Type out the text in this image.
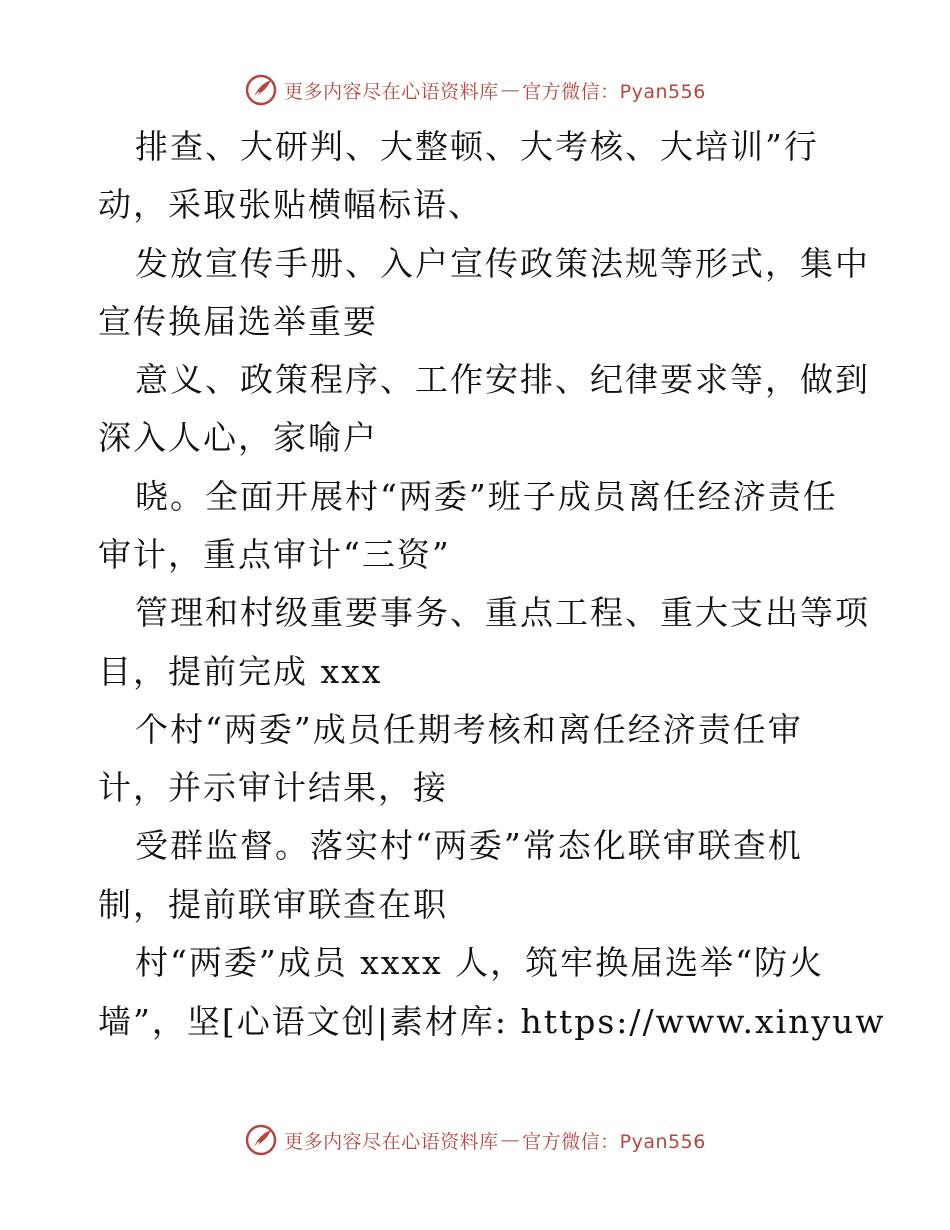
更多内容尽在心语资料库 — 官方微信：Pyan556
排查、大研判、大整顿、大考核、大培训”行
动，采取张贴横幅标语、
发放宣传手册、入户宣传政策法规等形式，集中
宣传换届选举重要
意义、政策程序、工作安排、纪律要求等，做到
深入人心，家喻户
晓。全面开展村“两委”班子成员离任经济责任
审计，重点审计“三资”
管理和村级重要事务、重点工程、重大支出等项
目，提前完成 xxx
个村“两委”成员任期考核和离任经济责任审
计，并示审计结果，接
受群监督。落实村“两委”常态化联审联查机
制，提前联审联查在职
村“两委”成员 xxxx 人，筑牢换届选举“防火
墙”，坚[心语文创|素材库: https://www.xinyuw
更多内容尽在心语资料库 — 官方微信：Pyan556
